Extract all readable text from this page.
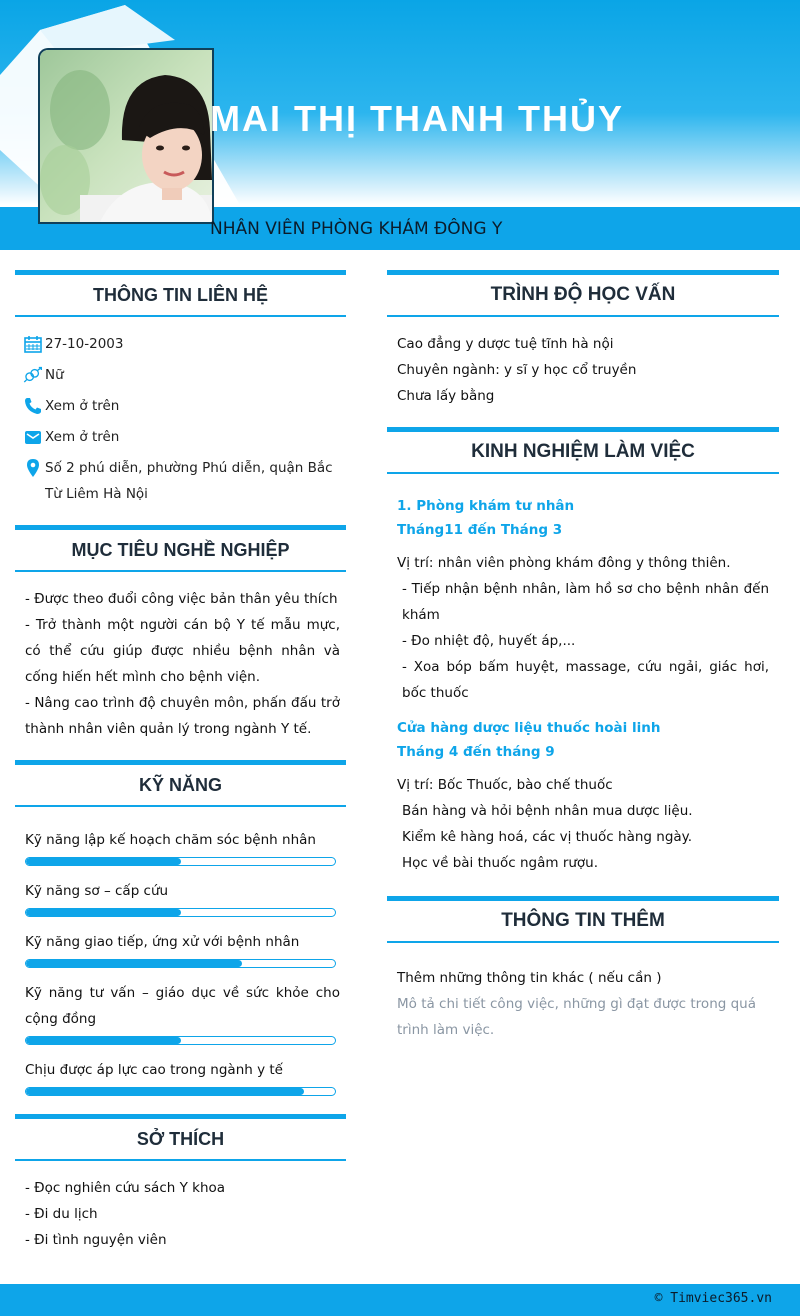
MAI THỊ THANH THỦY
NHÂN VIÊN PHÒNG KHÁM ĐÔNG Y
THÔNG TIN LIÊN HỆ
27-10-2003
Nữ
Xem ở trên
Xem ở trên
Số 2 phú diễn, phường Phú diễn, quận Bắc Từ Liêm Hà Nội
MỤC TIÊU NGHỀ NGHIỆP
- Được theo đuổi công việc bản thân yêu thích
- Trở thành một người cán bộ Y tế mẫu mực, có thể cứu giúp được nhiều bệnh nhân và cống hiến hết mình cho bệnh viện.
- Nâng cao trình độ chuyên môn, phấn đấu trở thành nhân viên quản lý trong ngành Y tế.
KỸ NĂNG
Kỹ năng lập kế hoạch chăm sóc bệnh nhân
Kỹ năng sơ – cấp cứu
Kỹ năng giao tiếp, ứng xử với bệnh nhân
Kỹ năng tư vấn – giáo dục về sức khỏe cho cộng đồng
Chịu được áp lực cao trong ngành y tế
SỞ THÍCH
- Đọc nghiên cứu sách Y khoa
- Đi du lịch
- Đi tình nguyện viên
TRÌNH ĐỘ HỌC VẤN
Cao đẳng y dược tuệ tĩnh hà nội
Chuyên ngành: y sĩ y học cổ truyền
Chưa lấy bằng
KINH NGHIỆM LÀM VIỆC
1. Phòng khám tư nhân
Tháng11 đến Tháng 3
Vị trí: nhân viên phòng khám đông y thông thiên.
- Tiếp nhận bệnh nhân, làm hồ sơ cho bệnh nhân đến khám
- Đo nhiệt độ, huyết áp,...
- Xoa bóp bấm huyệt, massage, cứu ngải, giác hơi, bốc thuốc
Cửa hàng dược liệu thuốc hoài linh
Tháng 4 đến tháng 9
Vị trí: Bốc Thuốc, bào chế thuốc
Bán hàng và hỏi bệnh nhân mua dược liệu.
Kiểm kê hàng hoá, các vị thuốc hàng ngày.
Học về bài thuốc ngâm rượu.
THÔNG TIN THÊM
Thêm những thông tin khác ( nếu cần )
Mô tả chi tiết công việc, những gì đạt được trong quá trình làm việc.
© Timviec365.vn
